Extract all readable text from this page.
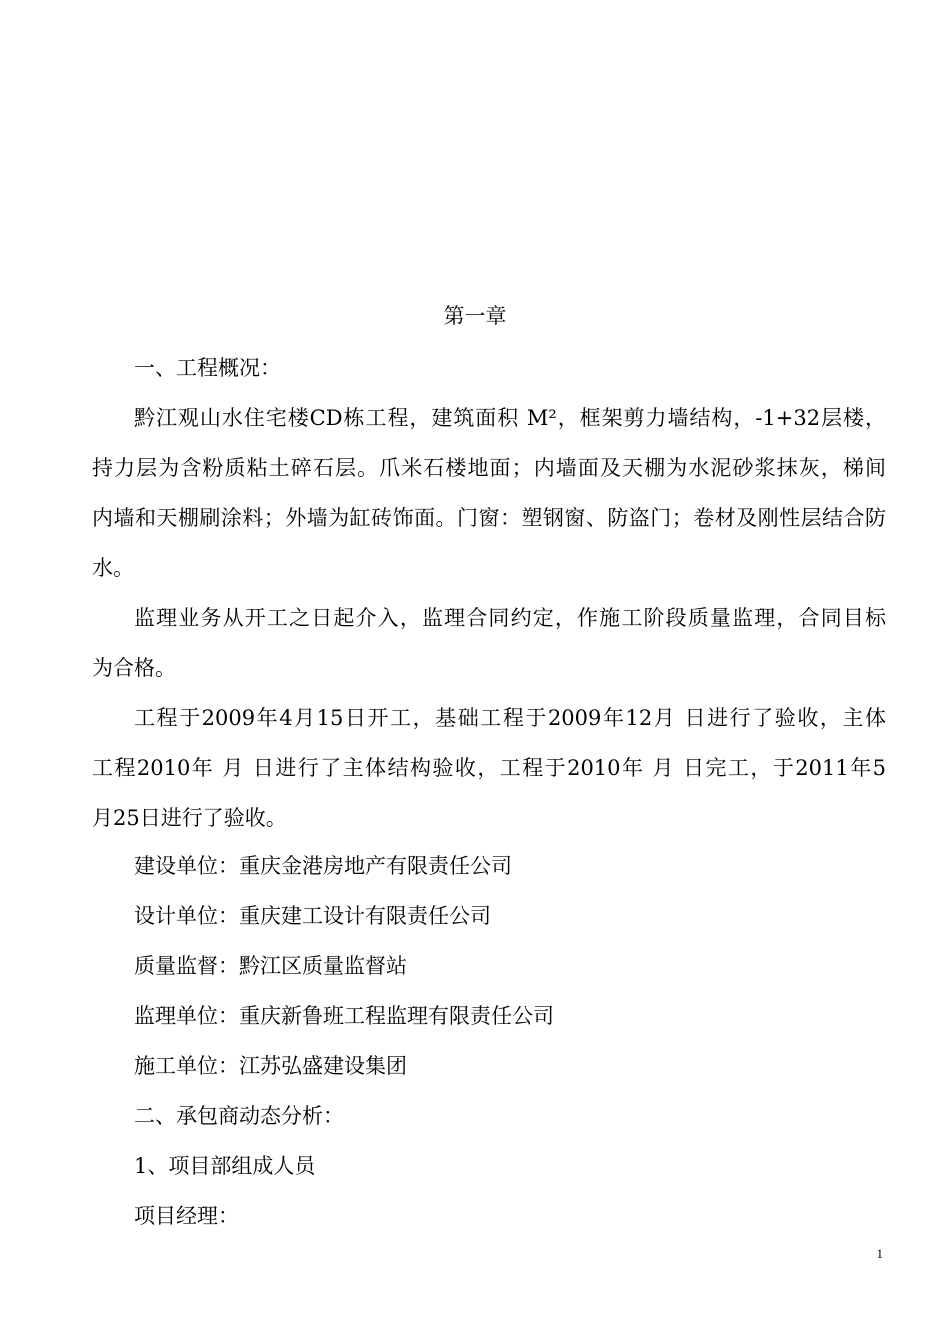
第一章
一、工程概况：
黔江观山水住宅楼CD栋工程，建筑面积 M²，框架剪力墙结构，-1+32层楼，
持力层为含粉质粘土碎石层。爪米石楼地面；内墙面及天棚为水泥砂浆抹灰，梯间
内墙和天棚刷涂料；外墙为缸砖饰面。门窗：塑钢窗、防盗门；卷材及刚性层结合防
水。
监理业务从开工之日起介入，监理合同约定，作施工阶段质量监理，合同目标
为合格。
工程于2009年4月15日开工，基础工程于2009年12月 日进行了验收，主体
工程2010年 月 日进行了主体结构验收，工程于2010年 月 日完工，于2011年5
月25日进行了验收。
建设单位：重庆金港房地产有限责任公司
设计单位：重庆建工设计有限责任公司
质量监督：黔江区质量监督站
监理单位：重庆新鲁班工程监理有限责任公司
施工单位：江苏弘盛建设集团
二、承包商动态分析：
1、项目部组成人员
项目经理：
1
